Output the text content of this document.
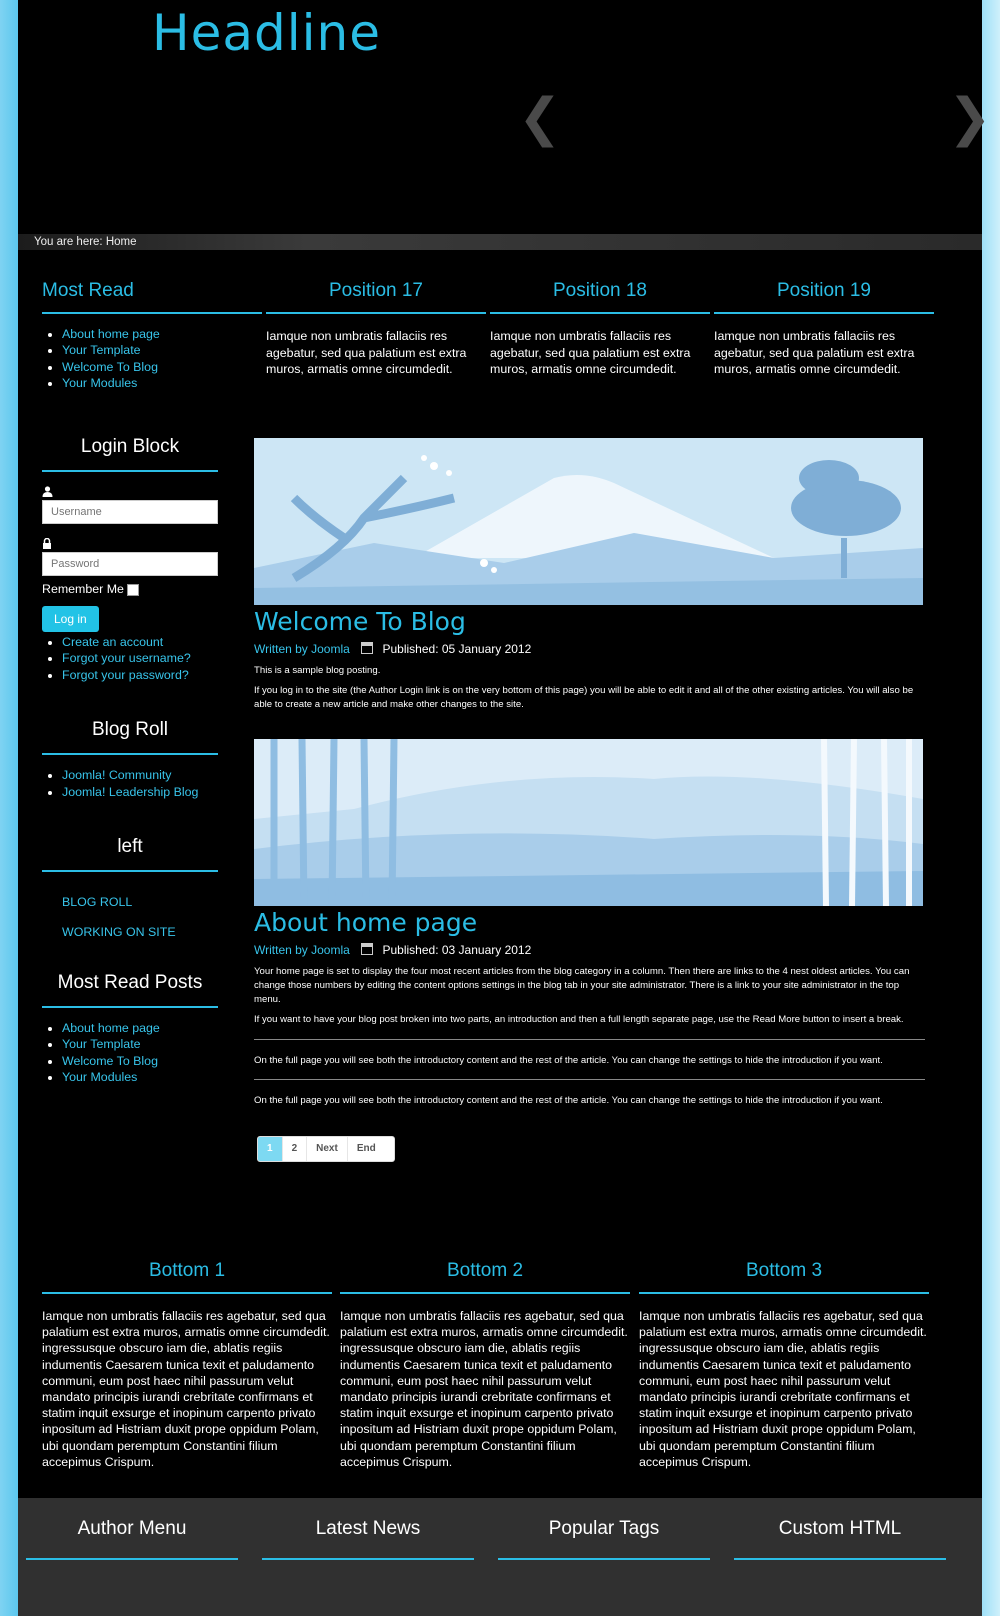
Headline
❮	❯
You are here: Home
Most Read
• About home page
• Your Template
• Welcome To Blog
• Your Modules
Position 17

Iamque non umbratis fallaciis res agebatur, sed qua palatium est extra muros, armatis omne circumdedit.

Position 18

Iamque non umbratis fallaciis res agebatur, sed qua palatium est extra muros, armatis omne circumdedit.

Position 19

Iamque non umbratis fallaciis res agebatur, sed qua palatium est extra muros, armatis omne circumdedit.

Login Block
Username
Remember Me
Log in
• Create an account
• Forgot your username?
• Forgot your password?
Blog Roll
• Joomla! Community
• Joomla! Leadership Blog
left
BLOG ROLL
WORKING ON SITE
Most Read Posts
• About home page
• Your Template
• Welcome To Blog
• Your Modules
Welcome To Blog
Written by Joomla	Published: 05 January 2012

This is a sample blog posting.

If you log in to the site (the Author Login link is on the very bottom of this page) you will be able to edit it and all of the other existing articles. You will also be able to create a new article and make other changes to the site.

About home page
Written by Joomla	Published: 03 January 2012

Your home page is set to display the four most recent articles from the blog category in a column. Then there are links to the 4 nest oldest articles. You can change those numbers by editing the content options settings in the blog tab in your site administrator. There is a link to your site administrator in the top menu.

If you want to have your blog post broken into two parts, an introduction and then a full length separate page, use the Read More button to insert a break.

On the full page you will see both the introductory content and the rest of the article. You can change the settings to hide the introduction if you want.

On the full page you will see both the introductory content and the rest of the article. You can change the settings to hide the introduction if you want.

1	2	Next	End
Bottom 1

Iamque non umbratis fallaciis res agebatur, sed qua palatium est extra muros, armatis omne circumdedit. ingressusque obscuro iam die, ablatis regiis indumentis Caesarem tunica texit et paludamento communi, eum post haec nihil passurum velut mandato principis iurandi crebritate confirmans et statim inquit exsurge et inopinum carpento privato inpositum ad Histriam duxit prope oppidum Polam, ubi quondam peremptum Constantini filium accepimus Crispum.

Bottom 2

Iamque non umbratis fallaciis res agebatur, sed qua palatium est extra muros, armatis omne circumdedit. ingressusque obscuro iam die, ablatis regiis indumentis Caesarem tunica texit et paludamento communi, eum post haec nihil passurum velut mandato principis iurandi crebritate confirmans et statim inquit exsurge et inopinum carpento privato inpositum ad Histriam duxit prope oppidum Polam, ubi quondam peremptum Constantini filium accepimus Crispum.

Bottom 3

Iamque non umbratis fallaciis res agebatur, sed qua palatium est extra muros, armatis omne circumdedit. ingressusque obscuro iam die, ablatis regiis indumentis Caesarem tunica texit et paludamento communi, eum post haec nihil passurum velut mandato principis iurandi crebritate confirmans et statim inquit exsurge et inopinum carpento privato inpositum ad Histriam duxit prope oppidum Polam, ubi quondam peremptum Constantini filium accepimus Crispum.

Author Menu	Latest News	Popular Tags	Custom HTML
